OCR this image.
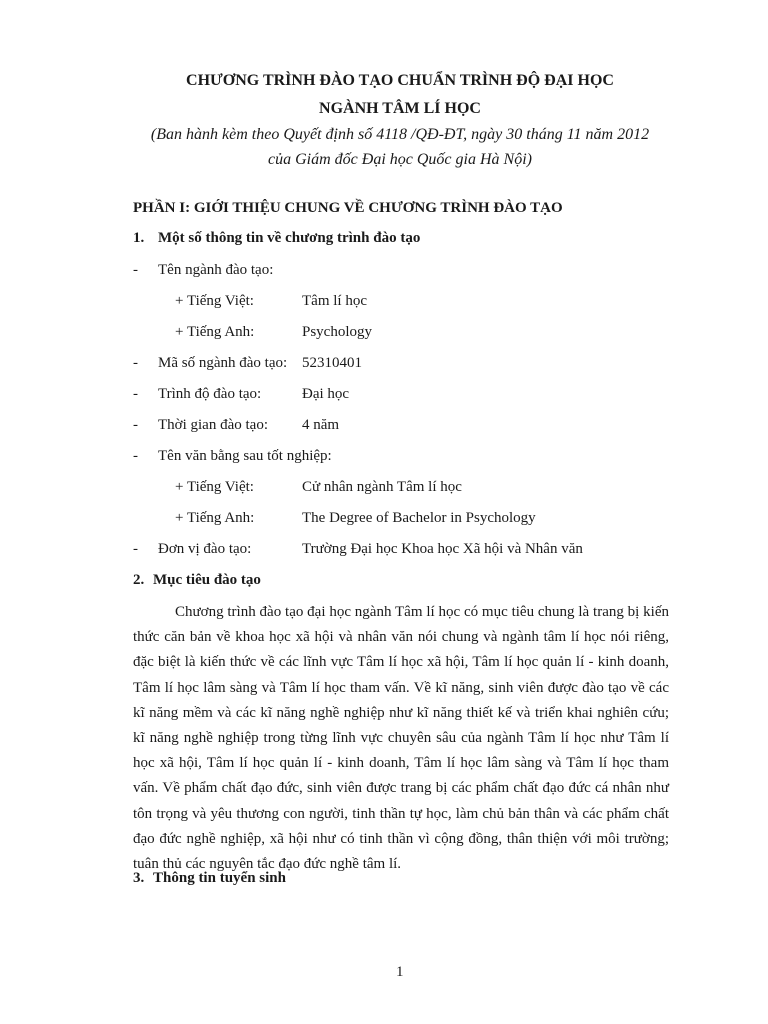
CHƯƠNG TRÌNH ĐÀO TẠO CHUẨN TRÌNH ĐỘ ĐẠI HỌC
NGÀNH TÂM LÍ HỌC
(Ban hành kèm theo Quyết định số 4118 /QĐ-ĐT, ngày 30 tháng 11 năm 2012
của Giám đốc Đại học Quốc gia Hà Nội)
PHẦN I: GIỚI THIỆU CHUNG VỀ CHƯƠNG TRÌNH ĐÀO TẠO
1. Một số thông tin về chương trình đào tạo
- Tên ngành đào tạo:
+ Tiếng Việt:	Tâm lí học
+ Tiếng Anh:	Psychology
- Mã số ngành đào tạo: 52310401
- Trình độ đào tạo:	Đại học
- Thời gian đào tạo: 4 năm
- Tên văn bằng sau tốt nghiệp:
+ Tiếng Việt:	Cử nhân ngành Tâm lí học
+ Tiếng Anh:	The Degree of Bachelor in Psychology
- Đơn vị đào tạo:	Trường Đại học Khoa học Xã hội và Nhân văn
2. Mục tiêu đào tạo
Chương trình đào tạo đại học ngành Tâm lí học có mục tiêu chung là trang bị kiến thức căn bản về khoa học xã hội và nhân văn nói chung và ngành tâm lí học nói riêng, đặc biệt là kiến thức về các lĩnh vực Tâm lí học xã hội, Tâm lí học quản lí - kinh doanh, Tâm lí học lâm sàng và Tâm lí học tham vấn. Về kĩ năng, sinh viên được đào tạo về các kĩ năng mềm và các kĩ năng nghề nghiệp như kĩ năng thiết kế và triển khai nghiên cứu; kĩ năng nghề nghiệp trong từng lĩnh vực chuyên sâu của ngành Tâm lí học như Tâm lí học xã hội, Tâm lí học quản lí - kinh doanh, Tâm lí học lâm sàng và Tâm lí học tham vấn. Về phẩm chất đạo đức, sinh viên được trang bị các phẩm chất đạo đức cá nhân như tôn trọng và yêu thương con người, tinh thần tự học, làm chủ bản thân và các phẩm chất đạo đức nghề nghiệp, xã hội như có tinh thần vì cộng đồng, thân thiện với môi trường; tuân thủ các nguyên tắc đạo đức nghề tâm lí.
3. Thông tin tuyển sinh
1
